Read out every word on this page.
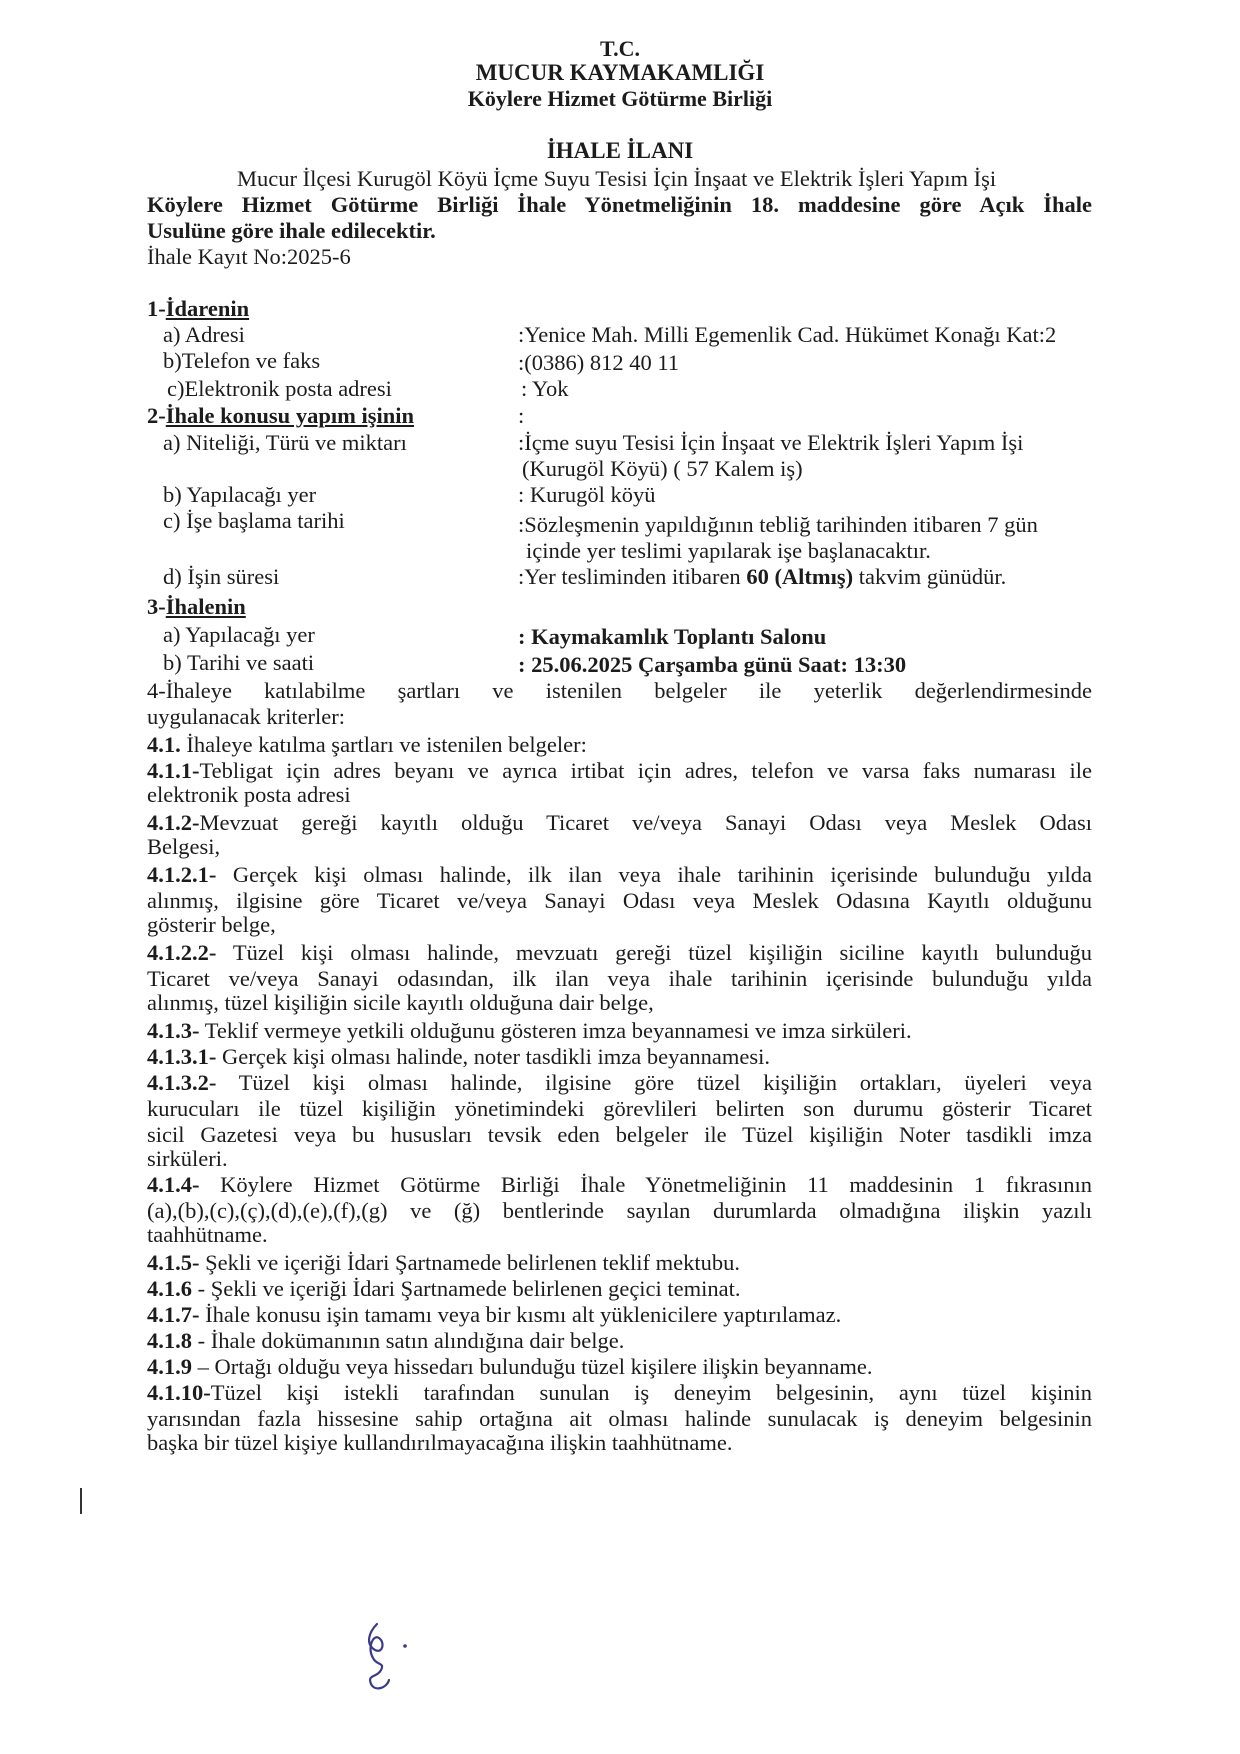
T.C.
MUCUR KAYMAKAMLIĞI
Köylere Hizmet Götürme Birliği
İHALE İLANI
Mucur İlçesi Kurugöl Köyü İçme Suyu Tesisi İçin İnşaat ve Elektrik İşleri Yapım İşi
Köylere Hizmet Götürme Birliği İhale Yönetmeliğinin 18. maddesine göre Açık İhale
Usulüne göre ihale edilecektir.
İhale Kayıt No:2025-6
1-İdarenin
a) Adresi	:Yenice Mah. Milli Egemenlik Cad. Hükümet Konağı Kat:2
b)Telefon ve faks	:(0386) 812 40 11
c)Elektronik posta adresi	: Yok
2-İhale konusu yapım işinin	:
a) Niteliği, Türü ve miktarı	:İçme suyu Tesisi İçin İnşaat ve Elektrik İşleri Yapım İşi
(Kurugöl Köyü) ( 57 Kalem iş)
b) Yapılacağı yer	: Kurugöl köyü
c) İşe başlama tarihi	:Sözleşmenin yapıldığının tebliğ tarihinden itibaren 7 gün
içinde yer teslimi yapılarak işe başlanacaktır.
d) İşin süresi	:Yer tesliminden itibaren 60 (Altmış) takvim günüdür.
3-İhalenin
a) Yapılacağı yer	: Kaymakamlık Toplantı Salonu
b) Tarihi ve saati	: 25.06.2025 Çarşamba günü Saat: 13:30
4-İhaleye katılabilme şartları ve istenilen belgeler ile yeterlik değerlendirmesinde
uygulanacak kriterler:
4.1. İhaleye katılma şartları ve istenilen belgeler:
4.1.1-Tebligat için adres beyanı ve ayrıca irtibat için adres, telefon ve varsa faks numarası ile
elektronik posta adresi
4.1.2-Mevzuat gereği kayıtlı olduğu Ticaret ve/veya Sanayi Odası veya Meslek Odası
Belgesi,
4.1.2.1- Gerçek kişi olması halinde, ilk ilan veya ihale tarihinin içerisinde bulunduğu yılda
alınmış, ilgisine göre Ticaret ve/veya Sanayi Odası veya Meslek Odasına Kayıtlı olduğunu
gösterir belge,
4.1.2.2- Tüzel kişi olması halinde, mevzuatı gereği tüzel kişiliğin siciline kayıtlı bulunduğu
Ticaret ve/veya Sanayi odasından, ilk ilan veya ihale tarihinin içerisinde bulunduğu yılda
alınmış, tüzel kişiliğin sicile kayıtlı olduğuna dair belge,
4.1.3- Teklif vermeye yetkili olduğunu gösteren imza beyannamesi ve imza sirküleri.
4.1.3.1- Gerçek kişi olması halinde, noter tasdikli imza beyannamesi.
4.1.3.2- Tüzel kişi olması halinde, ilgisine göre tüzel kişiliğin ortakları, üyeleri veya
kurucuları ile tüzel kişiliğin yönetimindeki görevlileri belirten son durumu gösterir Ticaret
sicil Gazetesi veya bu hususları tevsik eden belgeler ile Tüzel kişiliğin Noter tasdikli imza
sirküleri.
4.1.4- Köylere Hizmet Götürme Birliği İhale Yönetmeliğinin 11 maddesinin 1 fıkrasının
(a),(b),(c),(ç),(d),(e),(f),(g) ve (ğ) bentlerinde sayılan durumlarda olmadığına ilişkin yazılı
taahhütname.
4.1.5- Şekli ve içeriği İdari Şartnamede belirlenen teklif mektubu.
4.1.6 - Şekli ve içeriği İdari Şartnamede belirlenen geçici teminat.
4.1.7- İhale konusu işin tamamı veya bir kısmı alt yüklenicilere yaptırılamaz.
4.1.8 - İhale dokümanının satın alındığına dair belge.
4.1.9 – Ortağı olduğu veya hissedarı bulunduğu tüzel kişilere ilişkin beyanname.
4.1.10-Tüzel kişi istekli tarafından sunulan iş deneyim belgesinin, aynı tüzel kişinin
yarısından fazla hissesine sahip ortağına ait olması halinde sunulacak iş deneyim belgesinin
başka bir tüzel kişiye kullandırılmayacağına ilişkin taahhütname.
